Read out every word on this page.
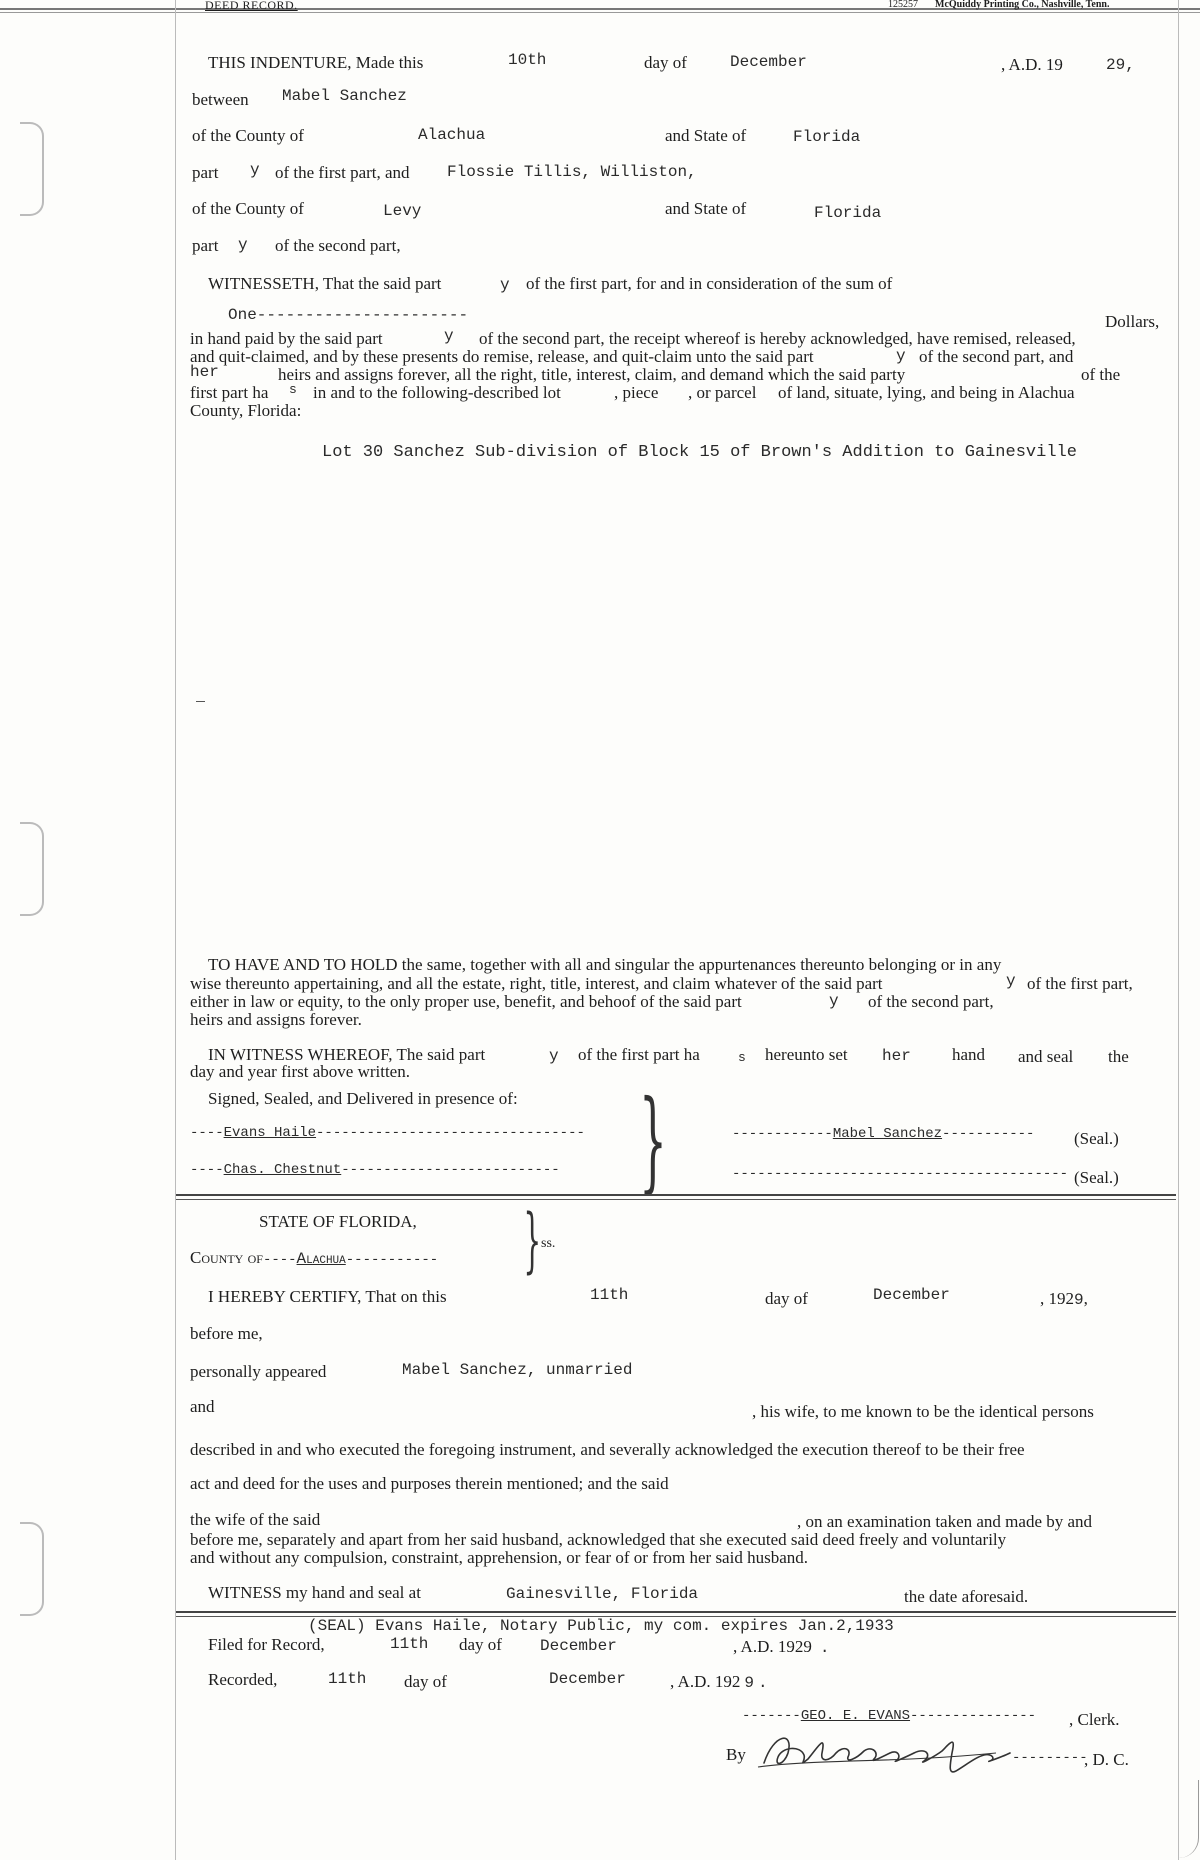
DEED RECORD.	125257 McQuiddy Printing Co., Nashville, Tenn.
THIS INDENTURE, Made this	10th	day of	December	, A.D. 19	29,
between Mabel Sanchez
of the County of	Alachua	and State of	Florida
part y of the first part, and Flossie Tillis, Williston,
of the County of	Levy	and State of	Florida
part y of the second part,
WITNESSETH, That the said part	y of the first part, for and in consideration of the sum of
One----------------------	Dollars,
in hand paid by the said part	y of the second part, the receipt whereof is hereby acknowledged, have remised, released,
and quit-claimed, and by these presents do remise, release, and quit-claim unto the said part	y of the second part, and
her	heirs and assigns forever, all the right, title, interest, claim, and demand which the said party	of the
first part ha s in and to the following-described lot	, piece , or parcel of land, situate, lying, and being in Alachua
County, Florida:
Lot 30 Sanchez Sub-division of Block 15 of Brown's Addition to Gainesville
TO HAVE AND TO HOLD the same, together with all and singular the appurtenances thereunto belonging or in any
wise thereunto appertaining, and all the estate, right, title, interest, and claim whatever of the said part	y of the first part,
either in law or equity, to the only proper use, benefit, and behoof of the said part	y of the second part,
heirs and assigns forever.
IN WITNESS WHEREOF, The said part	y of the first part ha	s hereunto set her hand and seal the
day and year first above written.
Signed, Sealed, and Delivered in presence of: }
----Evans Haile--------------------------------
----Chas. Chestnut--------------------------
------------Mabel Sanchez----------- (Seal.)
---------------------------------------- (Seal.)
STATE OF FLORIDA,
County of----Alachua----------- } ss.
I HEREBY CERTIFY, That on this	11th	day of	December	, 1929,
before me,
personally appeared	Mabel Sanchez, unmarried
and	, his wife, to me known to be the identical persons
described in and who executed the foregoing instrument, and severally acknowledged the execution thereof to be their free
act and deed for the uses and purposes therein mentioned; and the said
the wife of the said	, on an examination taken and made by and
before me, separately and apart from her said husband, acknowledged that she executed said deed freely and voluntarily
and without any compulsion, constraint, apprehension, or fear of or from her said husband.
WITNESS my hand and seal at	Gainesville, Florida	the date aforesaid.
(SEAL) Evans Haile, Notary Public, my com. expires Jan.2,1933
Filed for Record,	11th day of December	, A.D. 1929 .
Recorded,	11th day of	December	, A.D. 192 9 .
-------GEO. E. EVANS--------------- , Clerk.
By	---------
, D. C.
